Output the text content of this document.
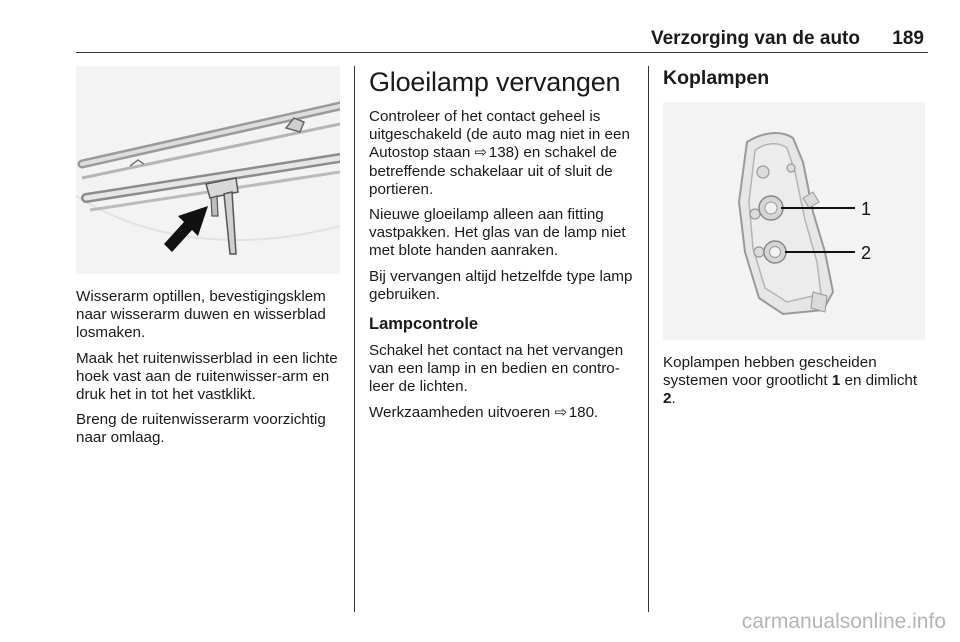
Verzorging van de auto	189

Wisserarm optillen, bevestigingsklem naar wisserarm duwen en wisserblad losmaken.

Maak het ruitenwisserblad in een lichte hoek vast aan de ruitenwisser-arm en druk het in tot het vastklikt.

Breng de ruitenwisserarm voorzichtig naar omlaag.

Gloeilamp vervangen

Controleer of het contact geheel is uitgeschakeld (de auto mag niet in een Autostop staan ⇨ 138) en schakel de betreffende schakelaar uit of sluit de portieren.

Nieuwe gloeilamp alleen aan fitting vastpakken. Het glas van de lamp niet met blote handen aanraken.

Bij vervangen altijd hetzelfde type lamp gebruiken.

Lampcontrole

Schakel het contact na het vervangen van een lamp in en bedien en contro-leer de lichten.

Werkzaamheden uitvoeren ⇨ 180.

Koplampen
1
2

Koplampen hebben gescheiden systemen voor grootlicht 1 en dimlicht 2.

carmanualsonline.info
